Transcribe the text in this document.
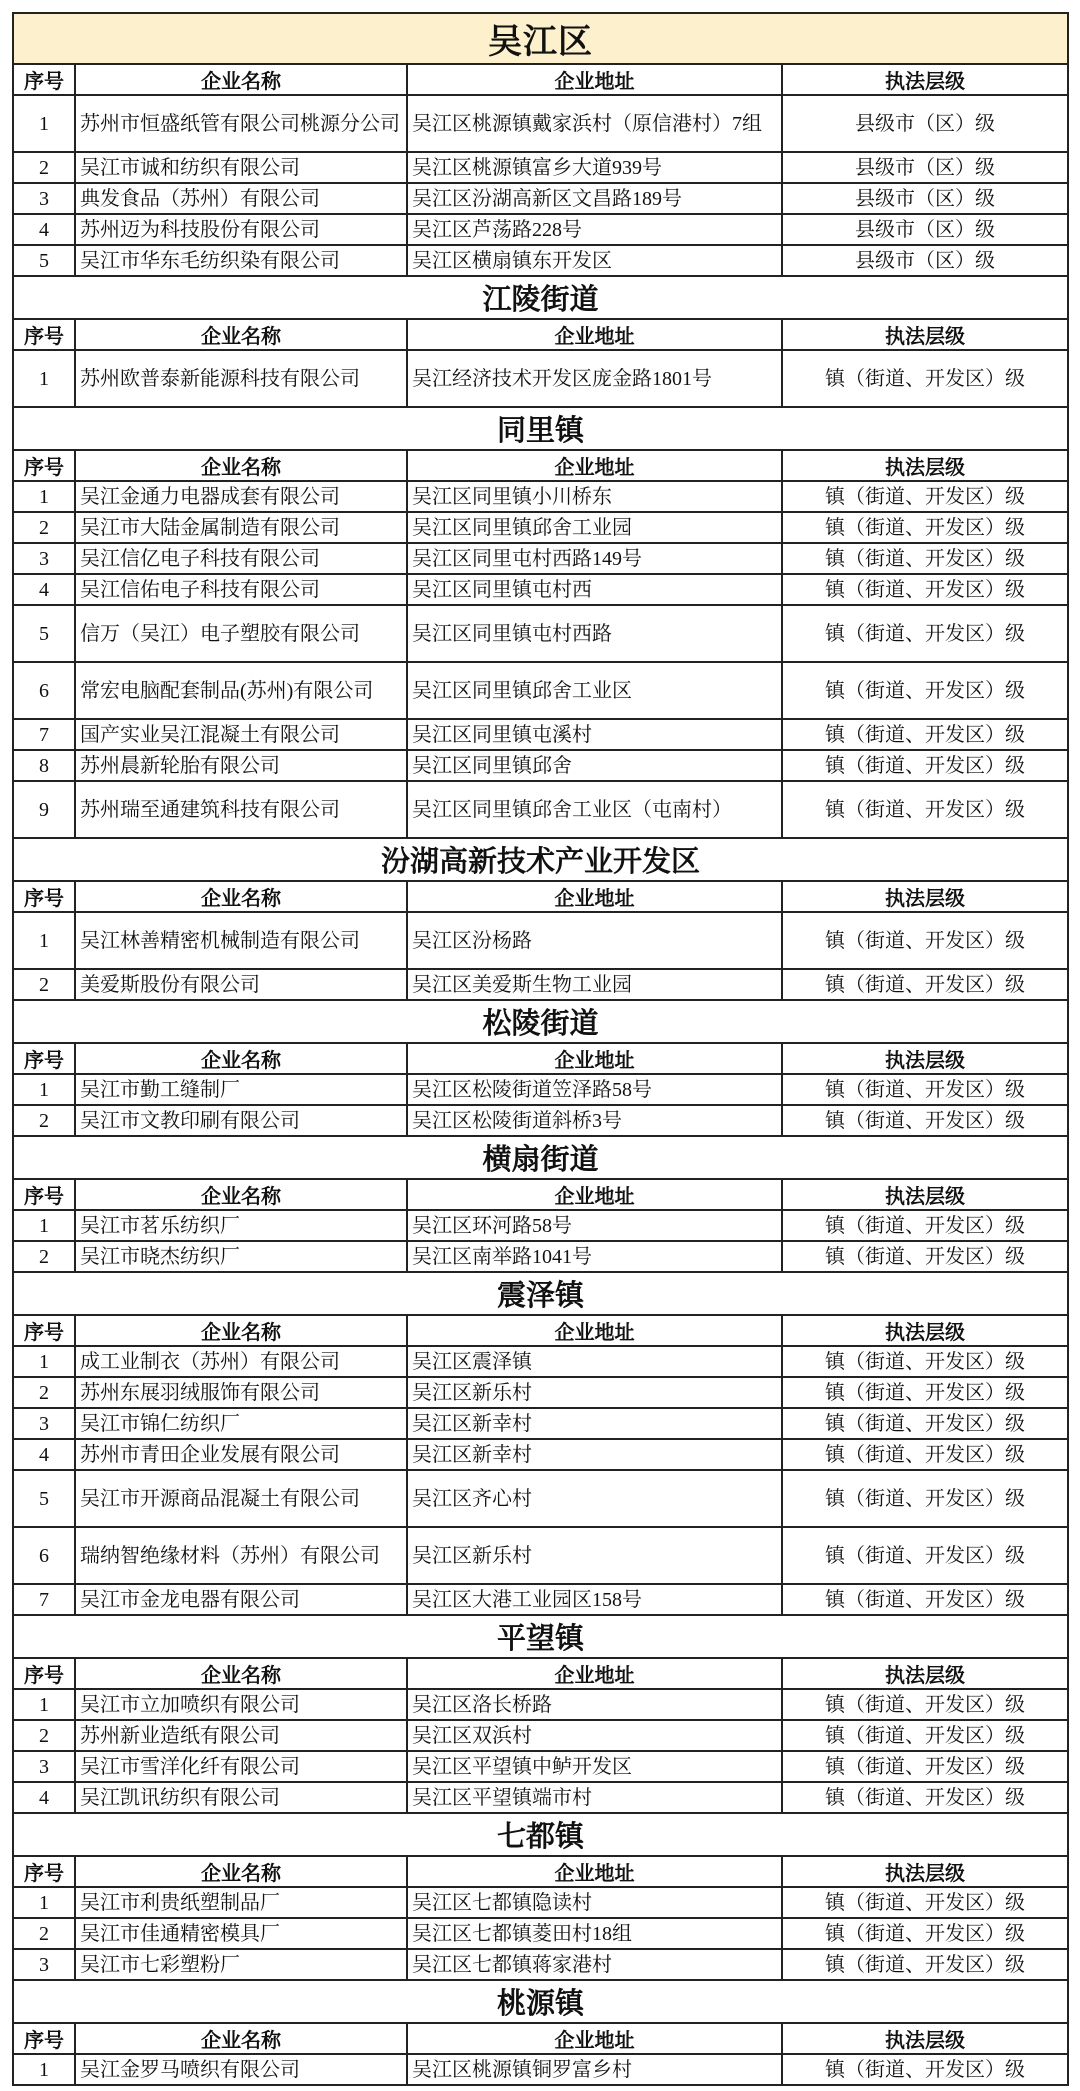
吴江区			
序号	企业名称	企业地址	执法层级
1	苏州市恒盛纸管有限公司桃源分公司	吴江区桃源镇戴家浜村（原信港村）7组	县级市（区）级
2	吴江市诚和纺织有限公司	吴江区桃源镇富乡大道939号	县级市（区）级
3	典发食品（苏州）有限公司	吴江区汾湖高新区文昌路189号	县级市（区）级
4	苏州迈为科技股份有限公司	吴江区芦荡路228号	县级市（区）级
5	吴江市华东毛纺织染有限公司	吴江区横扇镇东开发区	县级市（区）级
江陵街道			
序号	企业名称	企业地址	执法层级
1	苏州欧普泰新能源科技有限公司	吴江经济技术开发区庞金路1801号	镇（街道、开发区）级
同里镇			
序号	企业名称	企业地址	执法层级
1	吴江金通力电器成套有限公司	吴江区同里镇小川桥东	镇（街道、开发区）级
2	吴江市大陆金属制造有限公司	吴江区同里镇邱舍工业园	镇（街道、开发区）级
3	吴江信亿电子科技有限公司	吴江区同里屯村西路149号	镇（街道、开发区）级
4	吴江信佑电子科技有限公司	吴江区同里镇屯村西	镇（街道、开发区）级
5	信万（吴江）电子塑胶有限公司	吴江区同里镇屯村西路	镇（街道、开发区）级
6	常宏电脑配套制品(苏州)有限公司	吴江区同里镇邱舍工业区	镇（街道、开发区）级
7	国产实业吴江混凝土有限公司	吴江区同里镇屯溪村	镇（街道、开发区）级
8	苏州晨新轮胎有限公司	吴江区同里镇邱舍	镇（街道、开发区）级
9	苏州瑞至通建筑科技有限公司	吴江区同里镇邱舍工业区（屯南村）	镇（街道、开发区）级
汾湖高新技术产业开发区			
序号	企业名称	企业地址	执法层级
1	吴江林善精密机械制造有限公司	吴江区汾杨路	镇（街道、开发区）级
2	美爱斯股份有限公司	吴江区美爱斯生物工业园	镇（街道、开发区）级
松陵街道			
序号	企业名称	企业地址	执法层级
1	吴江市勤工缝制厂	吴江区松陵街道笠泽路58号	镇（街道、开发区）级
2	吴江市文教印刷有限公司	吴江区松陵街道斜桥3号	镇（街道、开发区）级
横扇街道			
序号	企业名称	企业地址	执法层级
1	吴江市茗乐纺织厂	吴江区环河路58号	镇（街道、开发区）级
2	吴江市晓杰纺织厂	吴江区南举路1041号	镇（街道、开发区）级
震泽镇			
序号	企业名称	企业地址	执法层级
1	成工业制衣（苏州）有限公司	吴江区震泽镇	镇（街道、开发区）级
2	苏州东展羽绒服饰有限公司	吴江区新乐村	镇（街道、开发区）级
3	吴江市锦仁纺织厂	吴江区新幸村	镇（街道、开发区）级
4	苏州市青田企业发展有限公司	吴江区新幸村	镇（街道、开发区）级
5	吴江市开源商品混凝土有限公司	吴江区齐心村	镇（街道、开发区）级
6	瑞纳智绝缘材料（苏州）有限公司	吴江区新乐村	镇（街道、开发区）级
7	吴江市金龙电器有限公司	吴江区大港工业园区158号	镇（街道、开发区）级
平望镇			
序号	企业名称	企业地址	执法层级
1	吴江市立加喷织有限公司	吴江区洛长桥路	镇（街道、开发区）级
2	苏州新业造纸有限公司	吴江区双浜村	镇（街道、开发区）级
3	吴江市雪洋化纤有限公司	吴江区平望镇中鲈开发区	镇（街道、开发区）级
4	吴江凯讯纺织有限公司	吴江区平望镇端市村	镇（街道、开发区）级
七都镇			
序号	企业名称	企业地址	执法层级
1	吴江市利贵纸塑制品厂	吴江区七都镇隐读村	镇（街道、开发区）级
2	吴江市佳通精密模具厂	吴江区七都镇菱田村18组	镇（街道、开发区）级
3	吴江市七彩塑粉厂	吴江区七都镇蒋家港村	镇（街道、开发区）级
桃源镇			
序号	企业名称	企业地址	执法层级
1	吴江金罗马喷织有限公司	吴江区桃源镇铜罗富乡村	镇（街道、开发区）级
